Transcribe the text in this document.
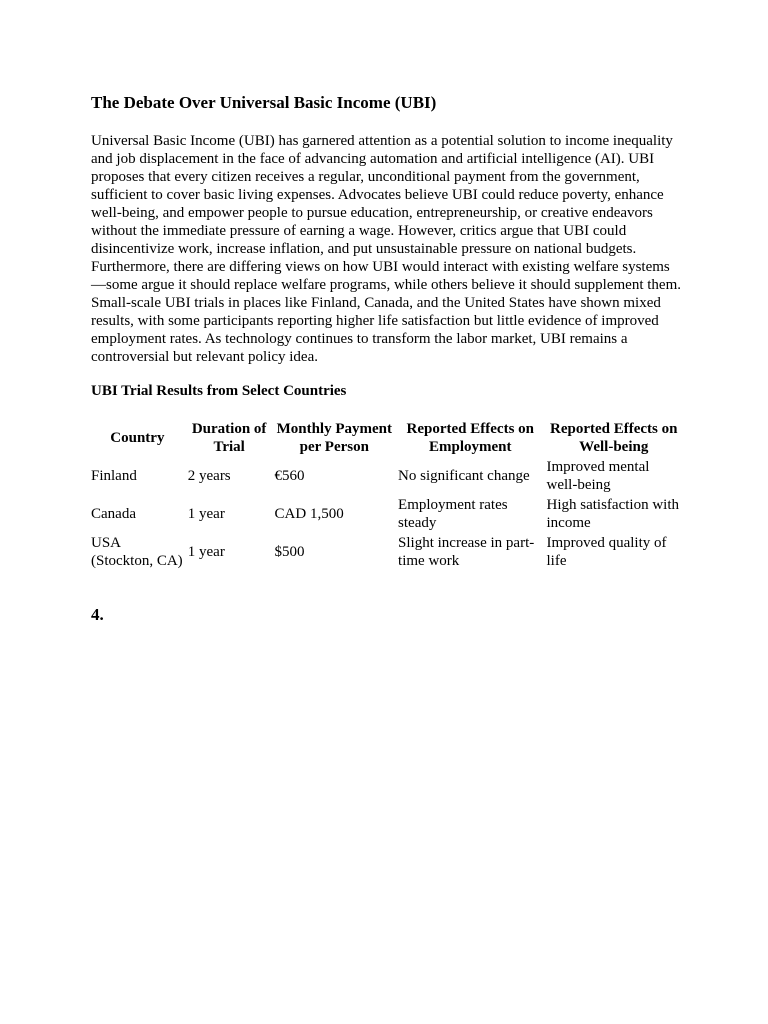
The Debate Over Universal Basic Income (UBI)

Universal Basic Income (UBI) has garnered attention as a potential solution to income inequality and job displacement in the face of advancing automation and artificial intelligence (AI). UBI proposes that every citizen receives a regular, unconditional payment from the government, sufficient to cover basic living expenses. Advocates believe UBI could reduce poverty, enhance well-being, and empower people to pursue education, entrepreneurship, or creative endeavors without the immediate pressure of earning a wage. However, critics argue that UBI could disincentivize work, increase inflation, and put unsustainable pressure on national budgets. Furthermore, there are differing views on how UBI would interact with existing welfare systems—some argue it should replace welfare programs, while others believe it should supplement them. Small-scale UBI trials in places like Finland, Canada, and the United States have shown mixed results, with some participants reporting higher life satisfaction but little evidence of improved employment rates. As technology continues to transform the labor market, UBI remains a controversial but relevant policy idea.

UBI Trial Results from Select Countries
Country	Duration of Trial	Monthly Payment per Person	Reported Effects on Employment	Reported Effects on Well-being
Finland	2 years	€560	No significant change	Improved mental well-being
Canada	1 year	CAD 1,500	Employment rates steady	High satisfaction with income
USA (Stockton, CA)	1 year	$500	Slight increase in part-time work	Improved quality of life
4.
